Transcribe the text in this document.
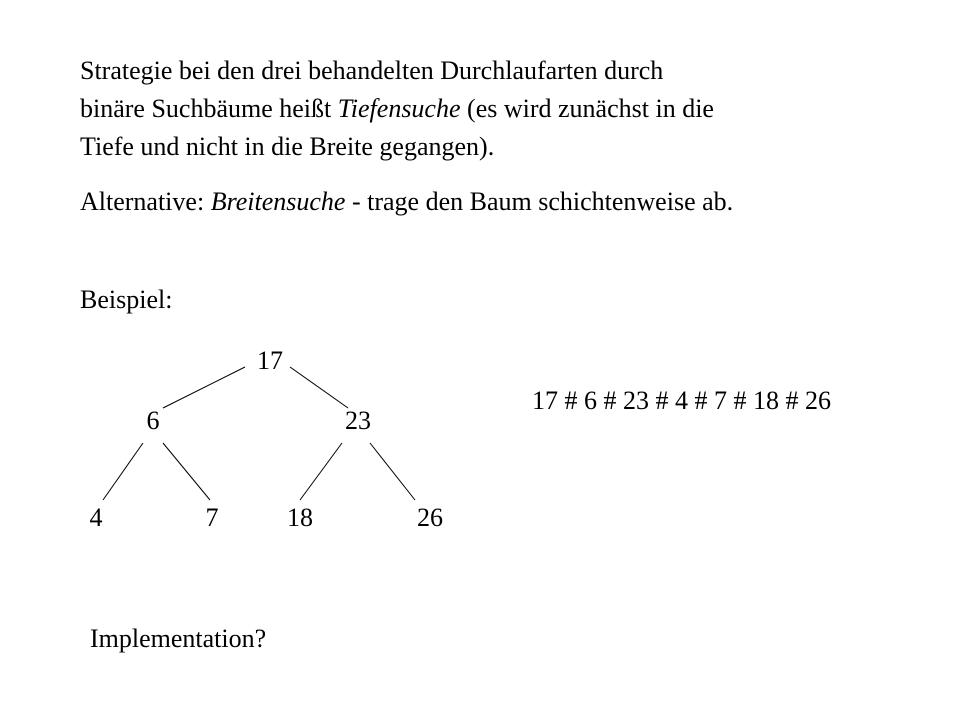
Strategie bei den drei behandelten Durchlaufarten durch
binäre Suchbäume heißt Tiefensuche (es wird zunächst in die
Tiefe und nicht in die Breite gegangen).

Alternative: Breitensuche - trage den Baum schichtenweise ab.

Beispiel:
17
6	23
4	7	18	26
17 # 6 # 23 # 4 # 7 # 18 # 26
Implementation?
